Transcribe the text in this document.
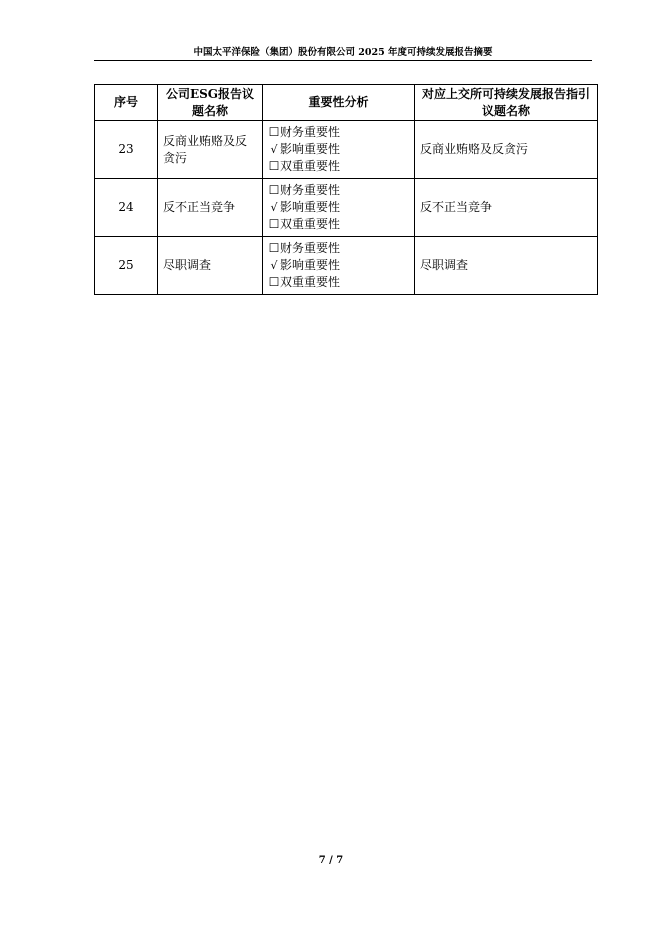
中国太平洋保险（集团）股份有限公司 2025 年度可持续发展报告摘要
序号	公司ESG报告议题名称	重要性分析	对应上交所可持续发展报告指引议题名称
23	反商业贿赂及反贪污	☐财务重要性
√ 影响重要性
☐双重重要性	反商业贿赂及反贪污
24	反不正当竞争	☐财务重要性
√ 影响重要性
☐双重重要性	反不正当竞争
25	尽职调查	☐财务重要性
√ 影响重要性
☐双重重要性	尽职调查
7 / 7
